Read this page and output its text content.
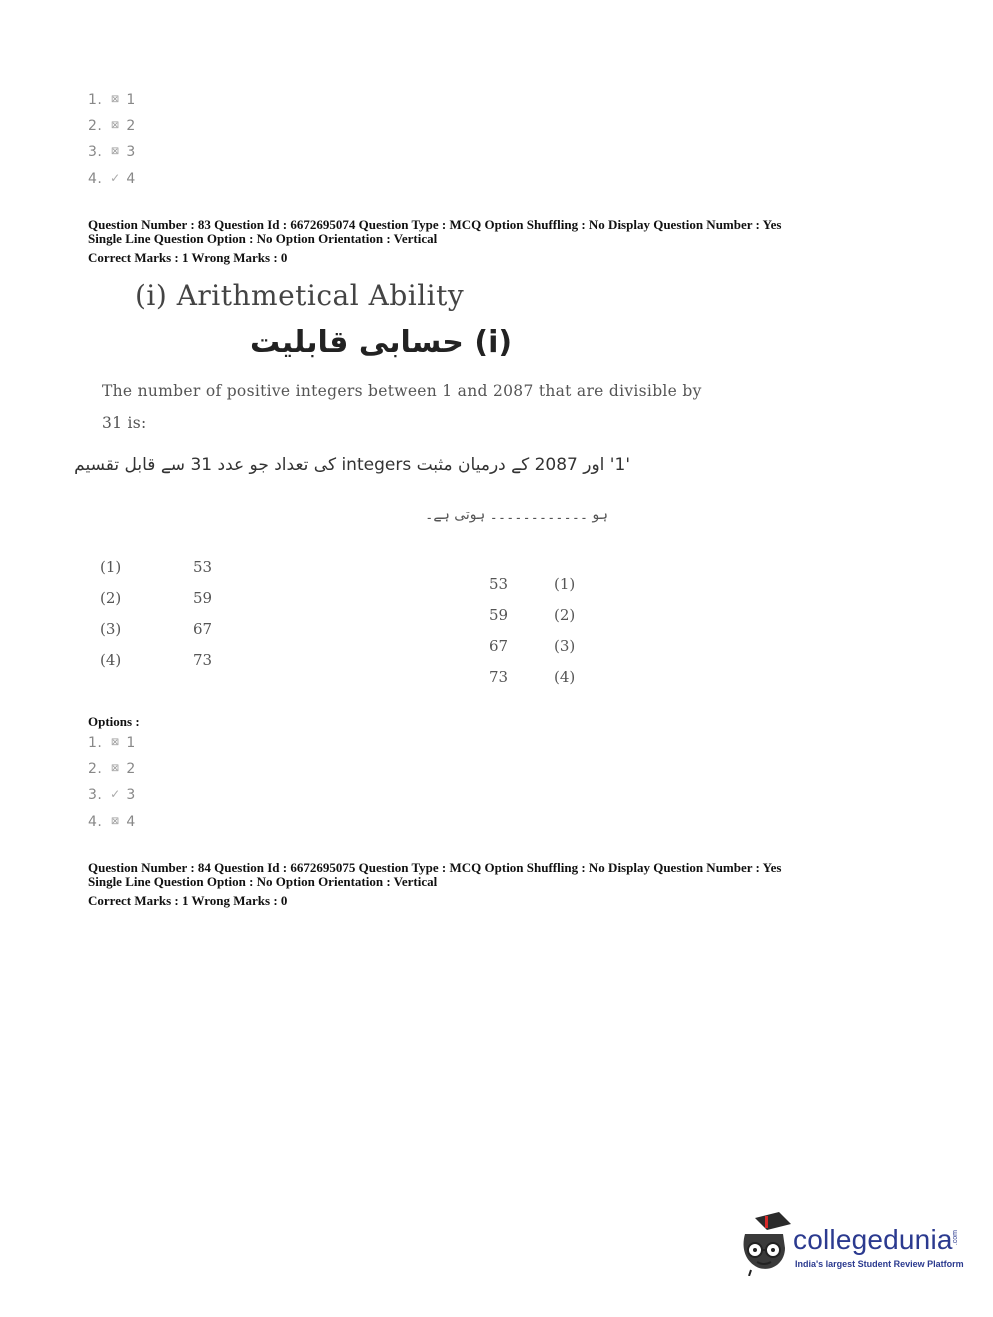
1. ⊠ 1
2. ⊠ 2
3. ⊠ 3
4. ✓ 4
Question Number : 83 Question Id : 6672695074 Question Type : MCQ Option Shuffling : No Display Question Number : Yes
Single Line Question Option : No Option Orientation : Vertical
Correct Marks : 1 Wrong Marks : 0
(i) Arithmetical Ability
(i) حسابی قابلیت
The number of positive integers between 1 and 2087 that are divisible by
31 is:
'1' اور 2087 کے درمیان مثبت integers کی تعداد جو عدد 31 سے قابل تقسیم
ہو ۔۔۔۔۔۔۔۔۔۔۔۔ ہوتی ہے۔
(1)	53
(2)	59
(3)	67
(4)	73
53	(1)
59	(2)
67	(3)
73	(4)
Options :
1. ⊠ 1
2. ⊠ 2
3. ✓ 3
4. ⊠ 4
Question Number : 84 Question Id : 6672695075 Question Type : MCQ Option Shuffling : No Display Question Number : Yes
Single Line Question Option : No Option Orientation : Vertical
Correct Marks : 1 Wrong Marks : 0
collegedunia .com
India's largest Student Review Platform
